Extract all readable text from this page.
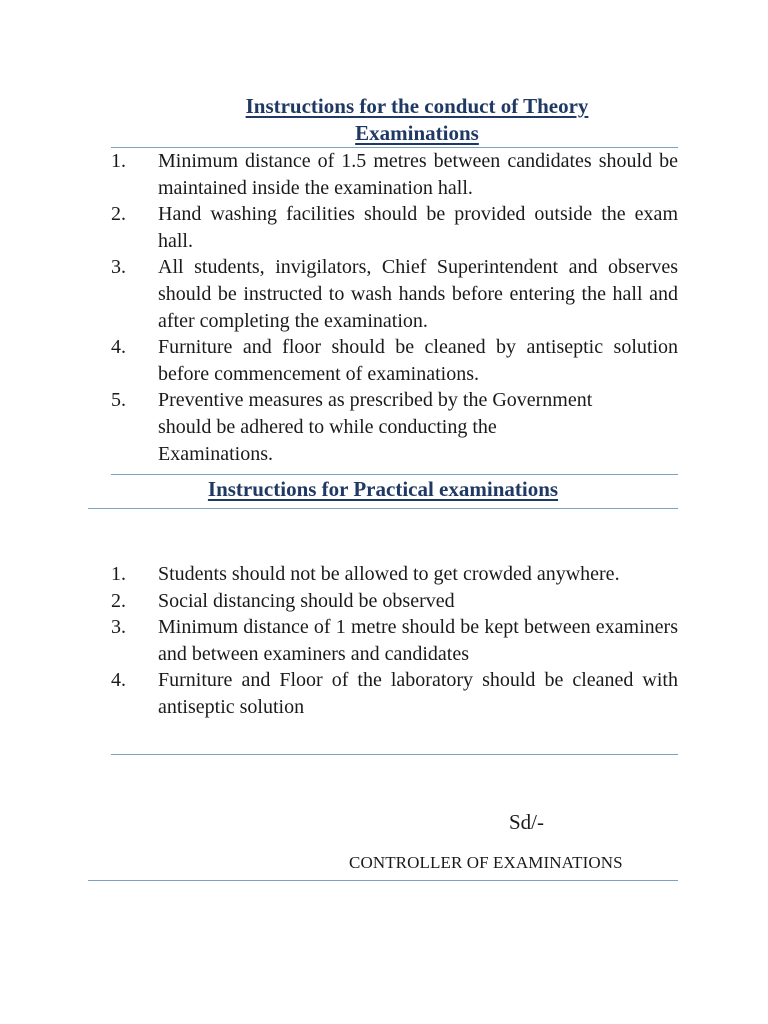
Instructions for the conduct of Theory
Examinations
1.	Minimum distance of 1.5 metres between candidates should be maintained inside the examination hall.
2.	Hand washing facilities should be provided outside the exam hall.
3.	All students, invigilators, Chief Superintendent and observes should be instructed to wash hands before entering the hall and after completing the examination.
4.	Furniture and floor should be cleaned by antiseptic solution before commencement of examinations.
5.	Preventive measures as prescribed by the Government
should be adhered to while conducting the
Examinations.
Instructions for Practical examinations
1.	Students should not be allowed to get crowded anywhere.
2.	Social distancing should be observed
3.	Minimum distance of 1 metre should be kept between examiners and between examiners and candidates
4.	Furniture and Floor of the laboratory should be cleaned with antiseptic solution
Sd/-
CONTROLLER OF EXAMINATIONS
